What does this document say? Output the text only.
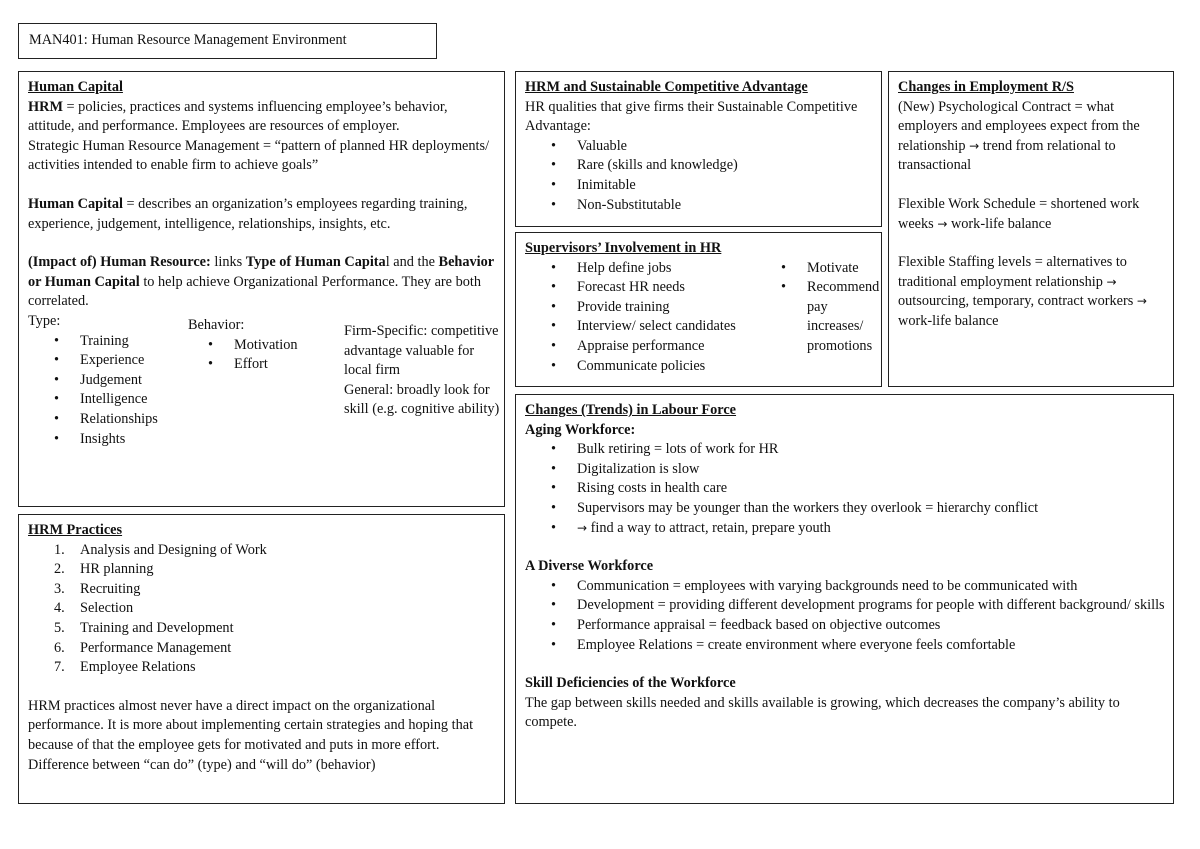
MAN401: Human Resource Management Environment
Human Capital

HRM = policies, practices and systems influencing employee’s behavior, attitude, and performance. Employees are resources of employer.

Strategic Human Resource Management = “pattern of planned HR deployments/ activities intended to enable firm to achieve goals”

Human Capital = describes an organization’s employees regarding training, experience, judgement, intelligence, relationships, insights, etc.

(Impact of) Human Resource: links Type of Human Capital and the Behavior or Human Capital to help achieve Organizational Performance. They are both correlated.

Type:

• Training
• Experience
• Judgement
• Intelligence
• Relationships
• Insights

Behavior:

• Motivation
• Effort

Firm-Specific: competitive advantage valuable for local firm

General: broadly look for skill (e.g. cognitive ability)

HRM Practices
1. Analysis and Designing of Work
2. HR planning
3. Recruiting
4. Selection
5. Training and Development
6. Performance Management
7. Employee Relations

HRM practices almost never have a direct impact on the organizational performance. It is more about implementing certain strategies and hoping that because of that the employee gets for motivated and puts in more effort.

Difference between “can do” (type) and “will do” (behavior)

HRM and Sustainable Competitive Advantage

HR qualities that give firms their Sustainable Competitive Advantage:

• Valuable
• Rare (skills and knowledge)
• Inimitable
• Non-Substitutable
Supervisors’ Involvement in HR
• Help define jobs
• Forecast HR needs
• Provide training
• Interview/ select candidates
• Appraise performance
• Communicate policies
• Motivate
• Recommend pay increases/ promotions
Changes in Employment R/S

(New) Psychological Contract = what employers and employees expect from the relationship → trend from relational to transactional

Flexible Work Schedule = shortened work weeks → work-life balance

Flexible Staffing levels = alternatives to traditional employment relationship → outsourcing, temporary, contract workers → work-life balance

Changes (Trends) in Labour Force
Aging Workforce:
• Bulk retiring = lots of work for HR
• Digitalization is slow
• Rising costs in health care
• Supervisors may be younger than the workers they overlook = hierarchy conflict
• → find a way to attract, retain, prepare youth
A Diverse Workforce
• Communication = employees with varying backgrounds need to be communicated with
• Development = providing different development programs for people with different background/ skills
• Performance appraisal = feedback based on objective outcomes
• Employee Relations = create environment where everyone feels comfortable
Skill Deficiencies of the Workforce

The gap between skills needed and skills available is growing, which decreases the company’s ability to compete.
